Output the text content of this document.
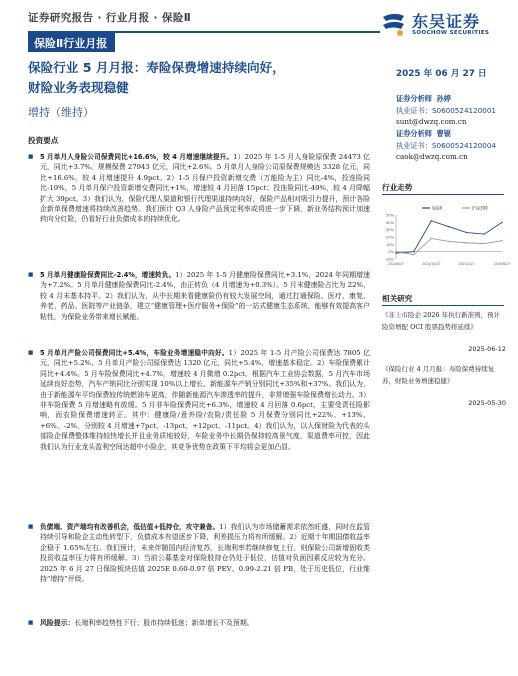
证券研究报告 · 行业月报 · 保险Ⅱ	东吴证券
SOOCHOW SECURITIES
保险Ⅱ行业月报
保险行业 5 月月报：寿险保费增速持续向好，
财险业务表现稳健
2025 年 06 月 27 日
增持（维持）
证券分析师 孙婷
执业证书：S0600524120001
sunt@dwzq.com.cn
证券分析师 曹锟
执业证书：S0600524120004
caok@dwzq.com.cn
投资要点
■	5 月单月人身险公司保费同比+16.6%，较 4 月增速继续提升。1）2025 年 1-5 月人身险原保费 24473 亿元，同比+3.7%。规模保费 27943 亿元，同比+2.6%。5 月单月人身险公司原保费规模达 3328 亿元，同比+16.6%，较 4 月增速提升 4.9pct。2）1-5 月保户投资新增交费（万能险为主）同比-4%，投连险同比-19%，5 月单月保户投资新增交费同比+1%，增速较 4 月回落 15pct；投连险同比-49%，较 4 月降幅扩大 39pct。3）我们认为，保险代理人渠道和银行代理渠道持续向好，保险产品相对吸引力提升，预计各险企新单保费增速将持续改善趋势。我们预计 Q3 人身险产品预定利率或将进一步下调，新业务结构预计加速转向分红险，仍看好行业负债成本的持续优化。
■	5 月单月健康险保费同比-2.4%，增速转负。1）2025 年 1-5 月健康险保费同比+3.1%，2024 年同期增速为+7.2%。5 月单月健康险保费同比-2.4%，由正转负（4 月增速为+0.3%）。5 月末健康险占比为 22%，较 4 月末基本持平。2）我们认为，从中长期来看健康险仍有较大发展空间，通过打通保险、医疗、康复、养老、药品、医院等产业链条，建立“健康管理+医疗服务+保险”的一站式健康生态系统，能够有效提高客户粘性，为保险业务带来增长赋能。
■	5 月单月产险公司保费同比+5.4%，车险业务增速稳中向好。1）2025 年 1-5 月产险公司保费达 7805 亿元，同比+5.2%，5 月单月产险公司原保费达 1320 亿元，同比+5.4%，增速基本稳定。2）车险保费累计同比+4.4%。5 月车险保费同比+4.7%，增速较 4 月微增 0.2pct。根据汽车工业协会数据，5 月汽车市场延续良好态势，汽车产销同比分别实现 10%以上增长，新能源车产销分别同比+35%和+37%。我们认为，由于新能源车平均保费较传统燃油车更高，伴随新能源汽车渗透率的提升，非常增强车险保费增长动力。3）非车险保费 5 月增速略有放缓。5 月非车险保费同比+6.3%，增速较 4 月回落 0.6pct，主要受责任险影响，而农险保费增速转正。其中：健康险/意外险/农险/责任险 5 月保费分别同比+22%、+13%、+6%、-2%，分别较 4 月增速+7pct、-13pct、+12pct、-11pct。4）我们认为，以人保财险为代表的头部险企保费整体维持较快增长并且业务质地较好，车险业务中长期仍保持较高景气度，渠道费率可控，因此我们认为行业龙头盈利空间达超中小险企，其竞争优势在政策下平均将会更加凸显。
■	负债端、资产端均有改善机会，低估值+低持仓，攻守兼备。1）我们认为市场储蓄需求依然旺盛，同时在监管持续引导和险企主动性转型下，负债成本有望逐步下降，利差损压力将有所缓解。2）近期十年期国债收益率企稳于 1.65%左右。我们预计，未来伴随国内经济复苏，长端利率若继续修复上行，则保险公司新增固收类投资收益率压力将有所缓解。3）当前公募基金对保险股持仓仍处于低位，估值对负面因素反应较为充分。2025 年 6 月 27 日保险板块估值 2025E 0.60-0.97 倍 PEV、0.99-2.21 倍 PB，处于历史低位，行业维持“增持”评级。
■ 风险提示：长端利率趋势性下行；股市持续低迷；新单增长不及预期。
行业走势
-10%
0%
10%
20%
30%
40%
50%
2024/6/27	2024/10/27	2025/2/27	2025/6/27
保险Ⅱ	沪深300
相关研究
《非上市险企 2026 年执行新准则，预计险资增配 OCI 股票趋势将延续》
2025-06-12
《保险行业 4 月月报：寿险保费持续复苏，财险业务增速稳健》
2025-05-30
